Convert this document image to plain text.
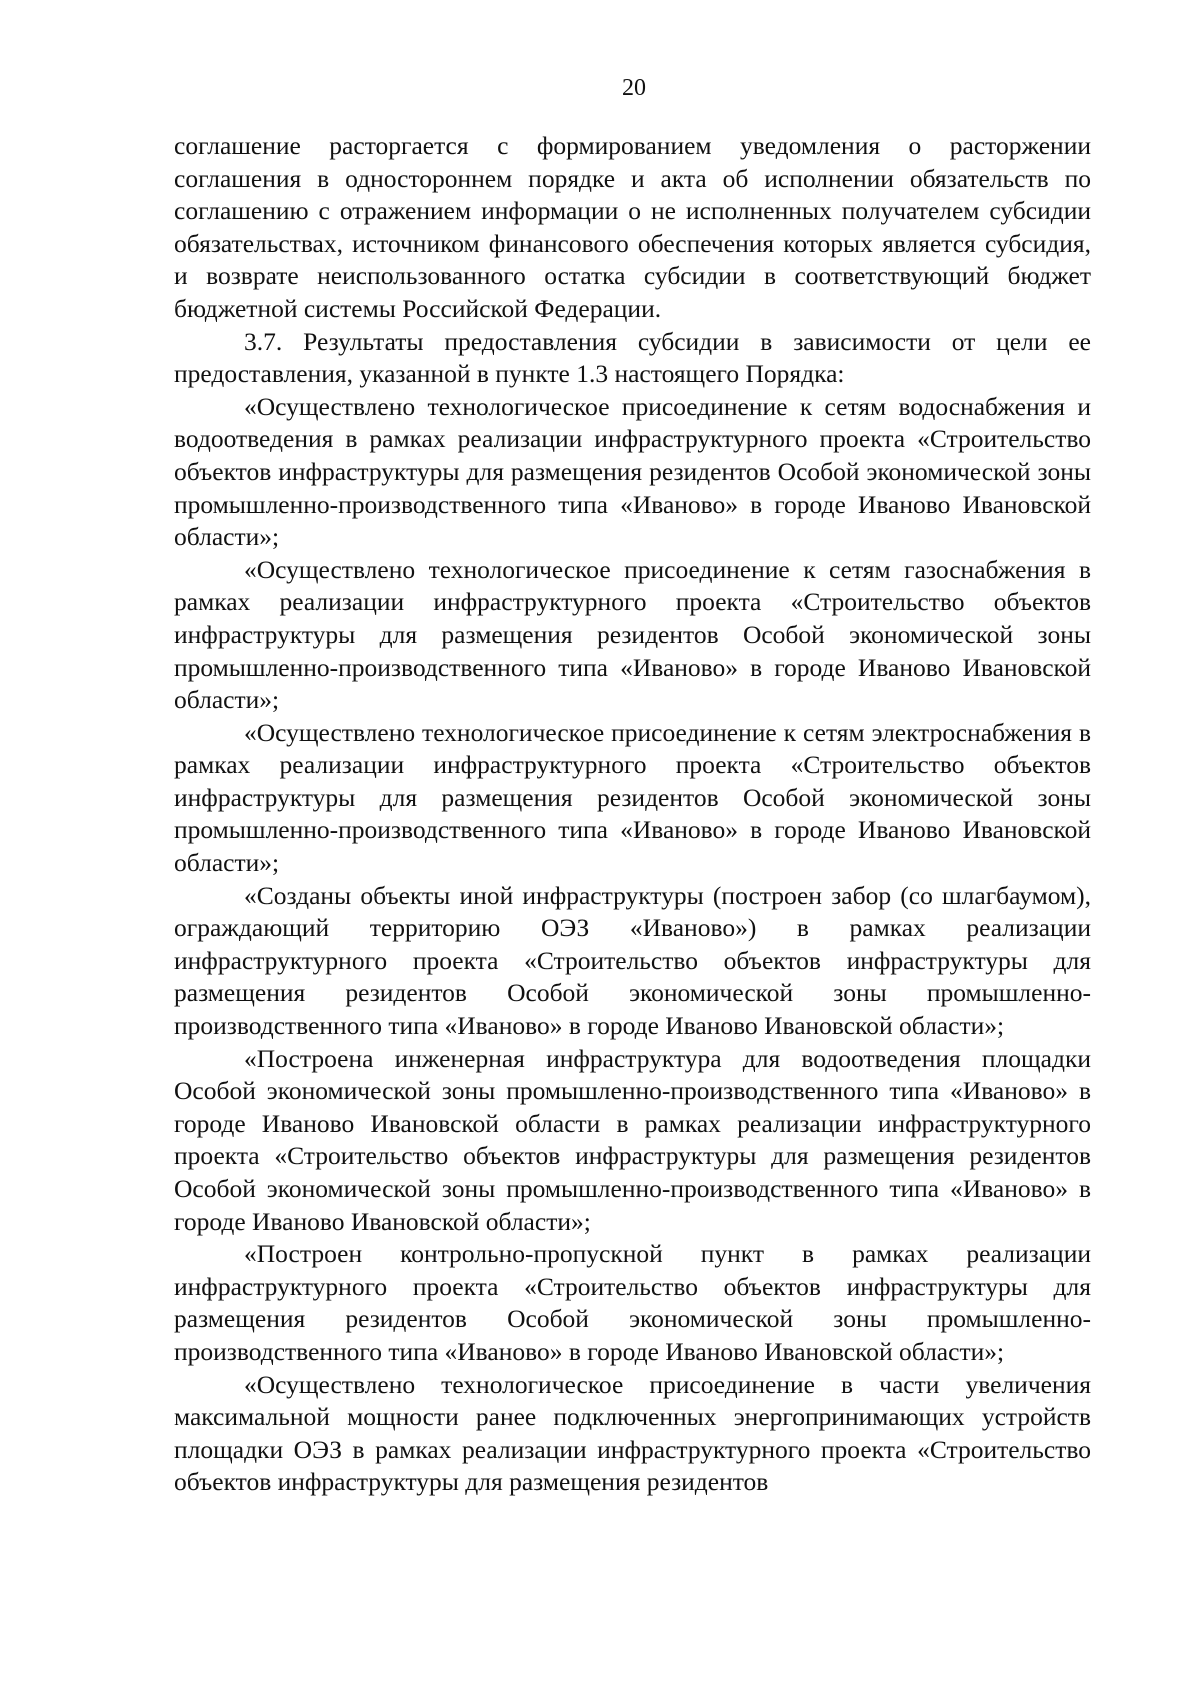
20

соглашение расторгается с формированием уведомления о расторжении соглашения в одностороннем порядке и акта об исполнении обязательств по соглашению с отражением информации о не исполненных получателем субсидии обязательствах, источником финансового обеспечения которых является субсидия, и возврате неиспользованного остатка субсидии в соответствующий бюджет бюджетной системы Российской Федерации.

3.7. Результаты предоставления субсидии в зависимости от цели ее предоставления, указанной в пункте 1.3 настоящего Порядка:

«Осуществлено технологическое присоединение к сетям водоснабжения и водоотведения в рамках реализации инфраструктурного проекта «Строительство объектов инфраструктуры для размещения резидентов Особой экономической зоны промышленно-производственного типа «Иваново» в городе Иваново Ивановской области»;

«Осуществлено технологическое присоединение к сетям газоснабжения в рамках реализации инфраструктурного проекта «Строительство объектов инфраструктуры для размещения резидентов Особой экономической зоны промышленно-производственного типа «Иваново» в городе Иваново Ивановской области»;

«Осуществлено технологическое присоединение к сетям электроснабжения в рамках реализации инфраструктурного проекта «Строительство объектов инфраструктуры для размещения резидентов Особой экономической зоны промышленно-производственного типа «Иваново» в городе Иваново Ивановской области»;

«Созданы объекты иной инфраструктуры (построен забор (со шлагбаумом), ограждающий территорию ОЭЗ «Иваново») в рамках реализации инфраструктурного проекта «Строительство объектов инфраструктуры для размещения резидентов Особой экономической зоны промышленно-производственного типа «Иваново» в городе Иваново Ивановской области»;

«Построена инженерная инфраструктура для водоотведения площадки Особой экономической зоны промышленно-производственного типа «Иваново» в городе Иваново Ивановской области в рамках реализации инфраструктурного проекта «Строительство объектов инфраструктуры для размещения резидентов Особой экономической зоны промышленно-производственного типа «Иваново» в городе Иваново Ивановской области»;

«Построен контрольно-пропускной пункт в рамках реализации инфраструктурного проекта «Строительство объектов инфраструктуры для размещения резидентов Особой экономической зоны промышленно-производственного типа «Иваново» в городе Иваново Ивановской области»;

«Осуществлено технологическое присоединение в части увеличения максимальной мощности ранее подключенных энергопринимающих устройств площадки ОЭЗ в рамках реализации инфраструктурного проекта «Строительство объектов инфраструктуры для размещения резидентов
